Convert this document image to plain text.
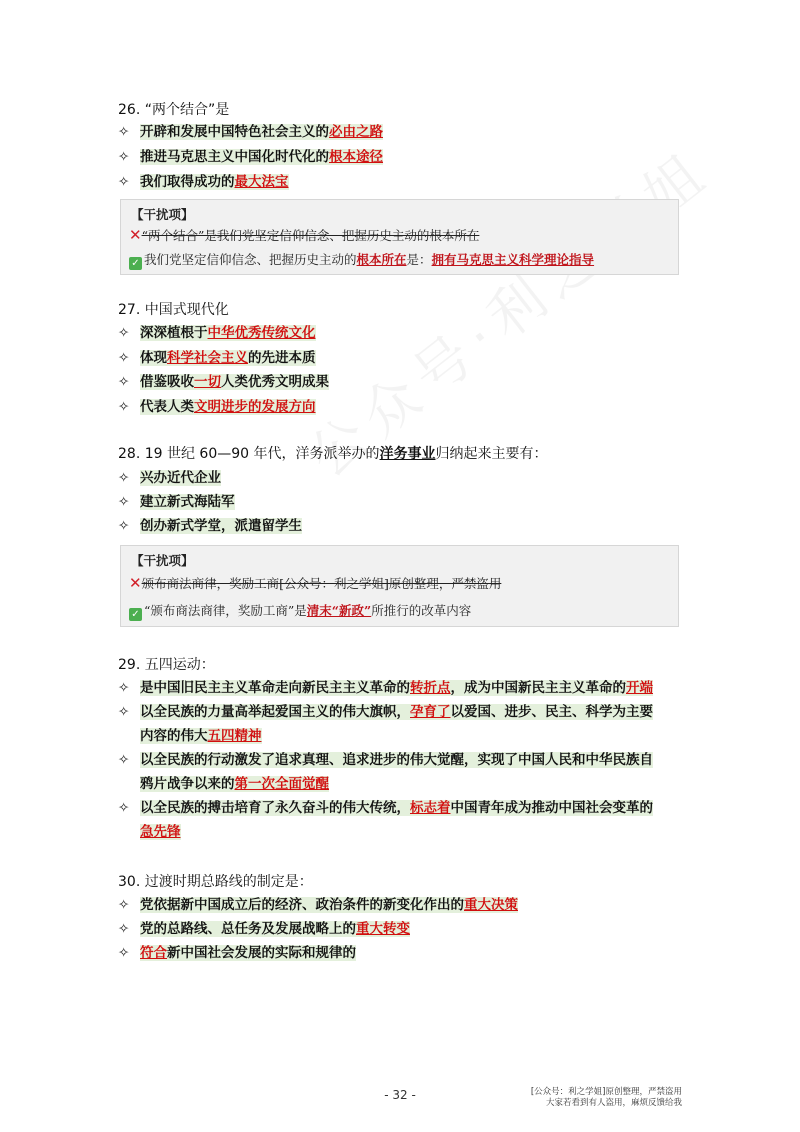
26. “两个结合”是
✧ 开辟和发展中国特色社会主义的必由之路
✧ 推进马克思主义中国化时代化的根本途径
✧ 我们取得成功的最大法宝
【干扰项】
✕“两个结合”是我们党坚定信仰信念、把握历史主动的根本所在
✓ 我们党坚定信仰信念、把握历史主动的根本所在是：拥有马克思主义科学理论指导
27. 中国式现代化
✧ 深深植根于中华优秀传统文化
✧ 体现科学社会主义的先进本质
✧ 借鉴吸收一切人类优秀文明成果
✧ 代表人类文明进步的发展方向
28. 19 世纪 60—90 年代，洋务派举办的洋务事业归纳起来主要有：
✧ 兴办近代企业
✧ 建立新式海陆军
✧ 创办新式学堂，派遣留学生
【干扰项】
✕颁布商法商律，奖励工商[公众号：利之学姐]原创整理，严禁盗用
✓ “颁布商法商律，奖励工商”是清末“新政”所推行的改革内容
29. 五四运动：
✧ 是中国旧民主主义革命走向新民主主义革命的转折点，成为中国新民主主义革命的开端
✧ 以全民族的力量高举起爱国主义的伟大旗帜，孕育了以爱国、进步、民主、科学为主要
内容的伟大五四精神
✧ 以全民族的行动激发了追求真理、追求进步的伟大觉醒，实现了中国人民和中华民族自
鸦片战争以来的第一次全面觉醒
✧ 以全民族的搏击培育了永久奋斗的伟大传统，标志着中国青年成为推动中国社会变革的
急先锋
30. 过渡时期总路线的制定是：
✧ 党依据新中国成立后的经济、政治条件的新变化作出的重大决策
✧ 党的总路线、总任务及发展战略上的重大转变
✧ 符合新中国社会发展的实际和规律的
- 32 -	[公众号：利之学姐]原创整理，严禁盗用
大家若看到有人盗用，麻烦反馈给我
